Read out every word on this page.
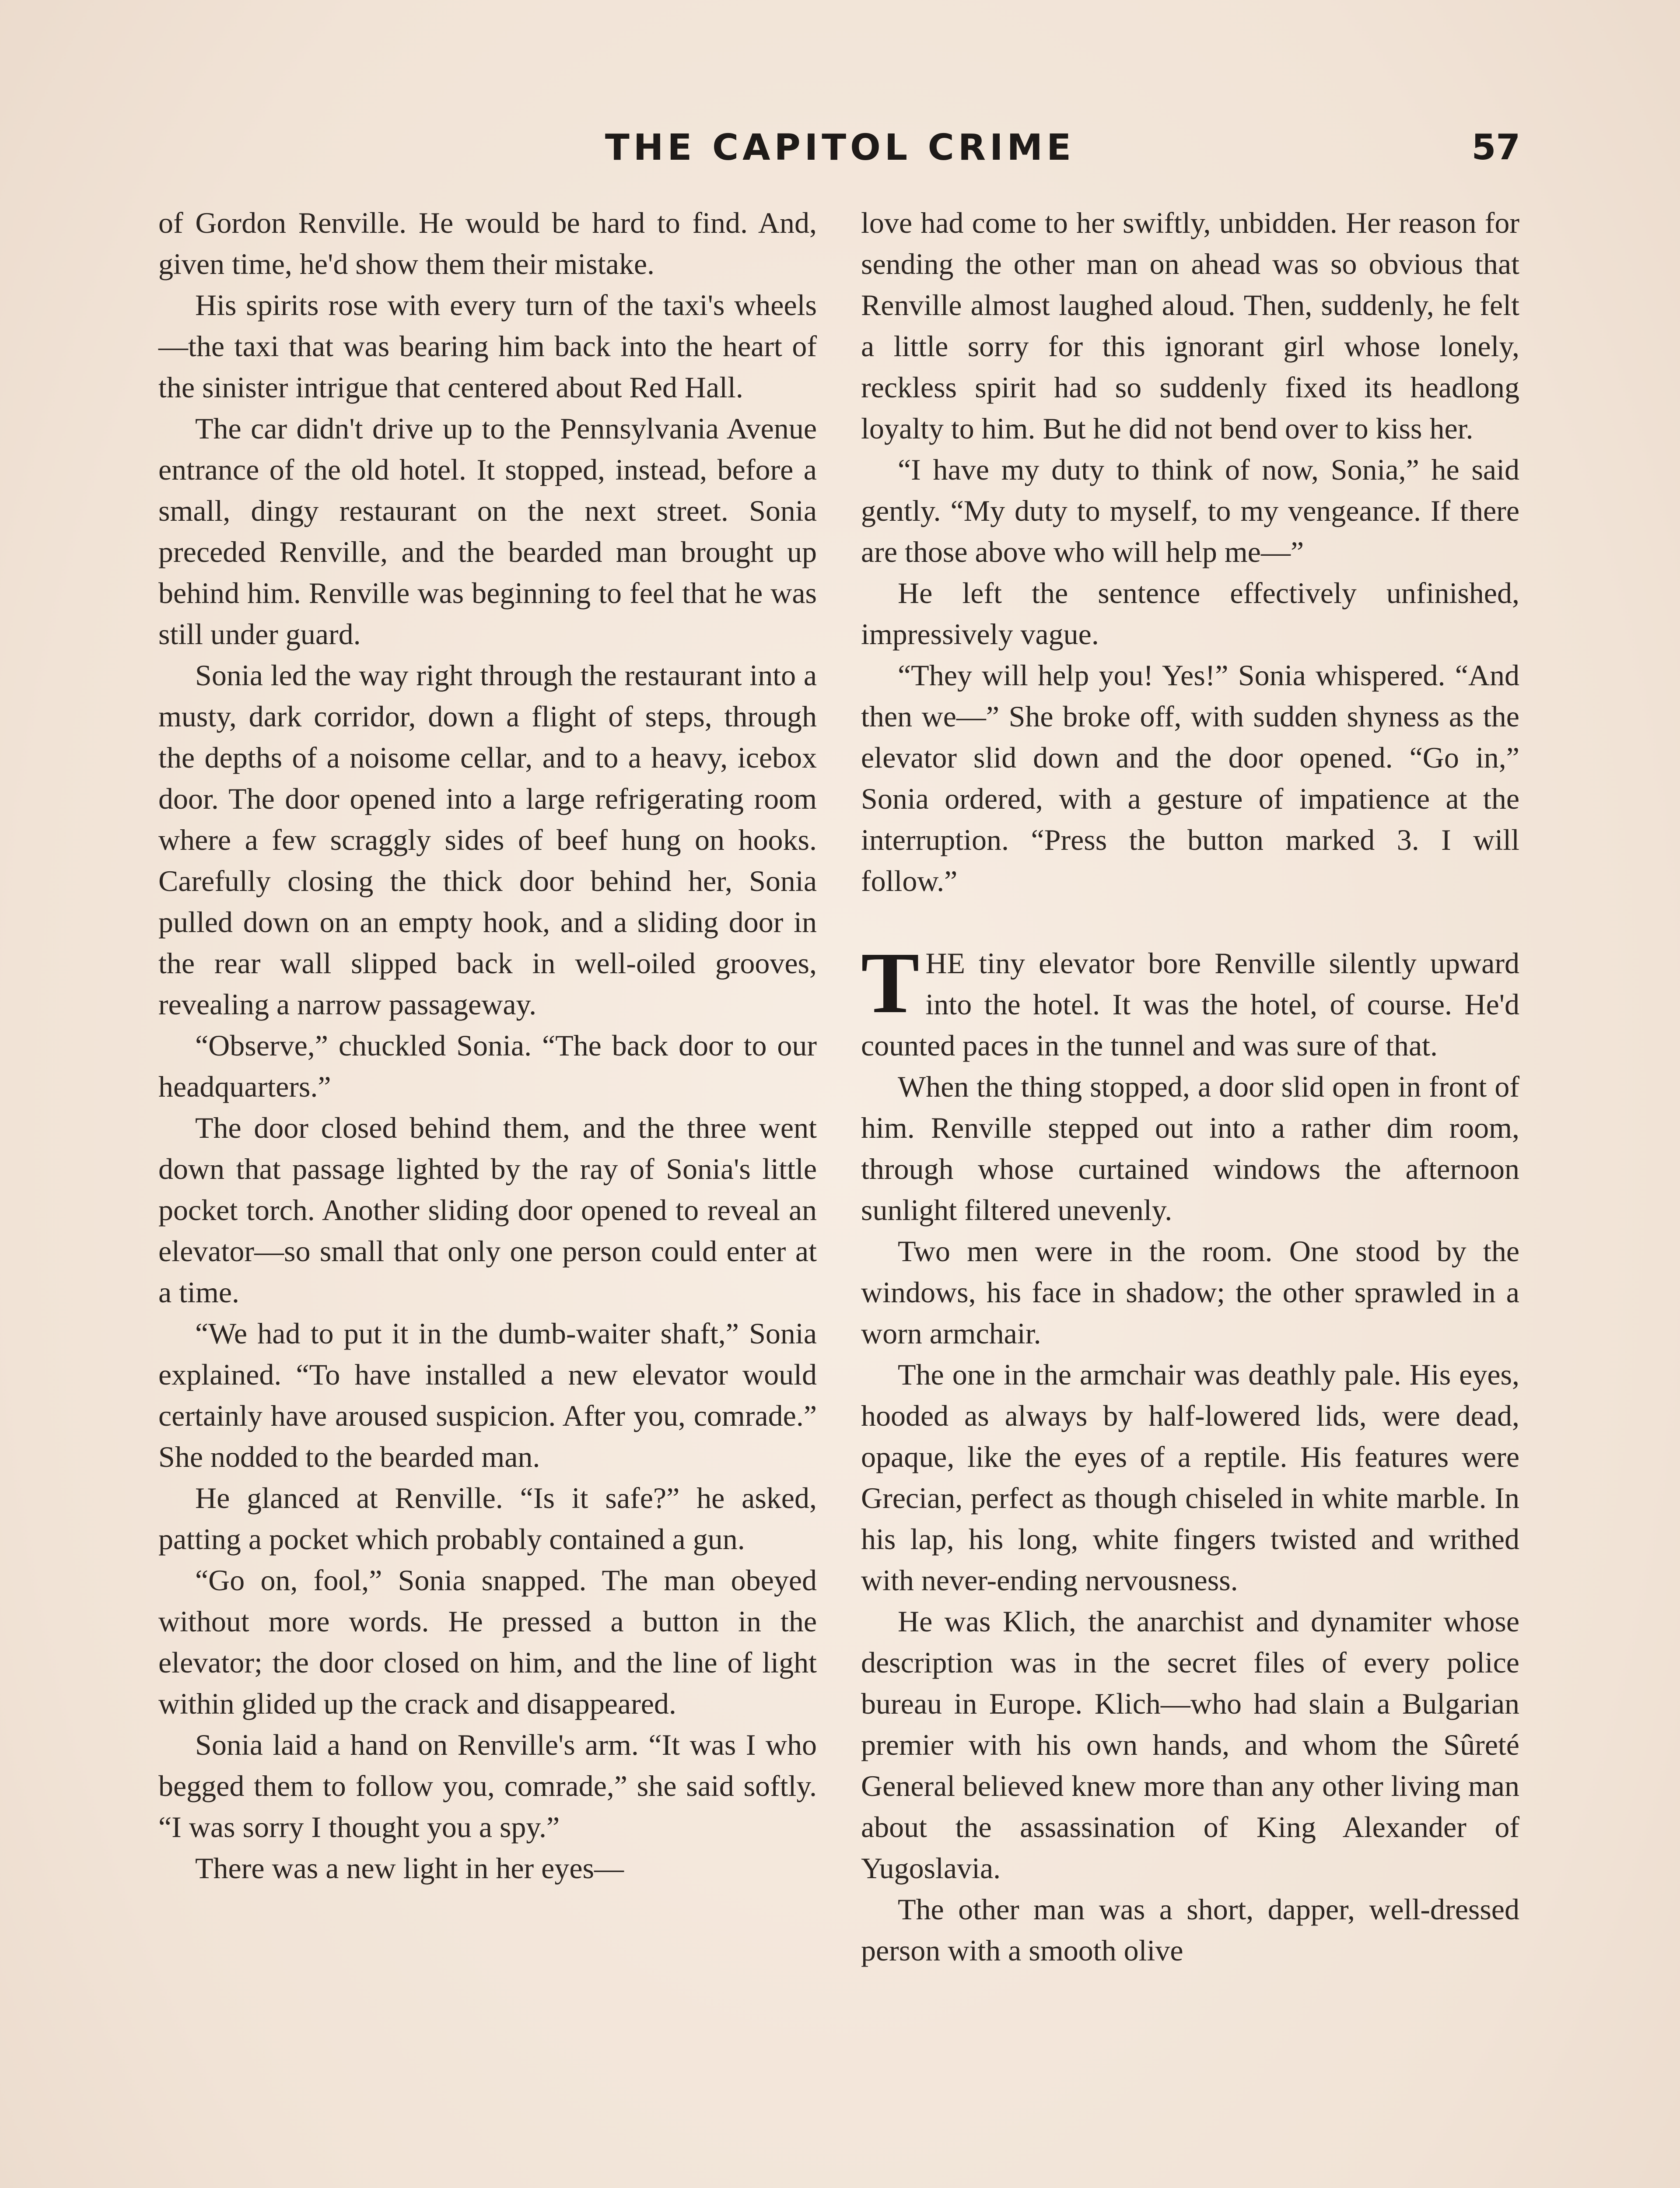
THE CAPITOL CRIME	57

of Gordon Renville. He would be hard to find. And, given time, he'd show them their mistake.

His spirits rose with every turn of the taxi's wheels—the taxi that was bearing him back into the heart of the sinister intrigue that centered about Red Hall.

The car didn't drive up to the Pennsylvania Avenue entrance of the old hotel. It stopped, instead, before a small, dingy restaurant on the next street. Sonia preceded Renville, and the bearded man brought up behind him. Renville was beginning to feel that he was still under guard.

Sonia led the way right through the restaurant into a musty, dark corridor, down a flight of steps, through the depths of a noisome cellar, and to a heavy, icebox door. The door opened into a large refrigerating room where a few scraggly sides of beef hung on hooks. Carefully closing the thick door behind her, Sonia pulled down on an empty hook, and a sliding door in the rear wall slipped back in well-oiled grooves, revealing a narrow passageway.

“Observe,” chuckled Sonia. “The back door to our headquarters.”

The door closed behind them, and the three went down that passage lighted by the ray of Sonia's little pocket torch. Another sliding door opened to reveal an elevator—so small that only one person could enter at a time.

“We had to put it in the dumb-waiter shaft,” Sonia explained. “To have installed a new elevator would certainly have aroused suspicion. After you, comrade.” She nodded to the bearded man.

He glanced at Renville. “Is it safe?” he asked, patting a pocket which probably contained a gun.

“Go on, fool,” Sonia snapped. The man obeyed without more words. He pressed a button in the elevator; the door closed on him, and the line of light within glided up the crack and disappeared.

Sonia laid a hand on Renville's arm. “It was I who begged them to follow you, comrade,” she said softly. “I was sorry I thought you a spy.”

There was a new light in her eyes—

love had come to her swiftly, unbidden. Her reason for sending the other man on ahead was so obvious that Renville almost laughed aloud. Then, suddenly, he felt a little sorry for this ignorant girl whose lonely, reckless spirit had so suddenly fixed its headlong loyalty to him. But he did not bend over to kiss her.

“I have my duty to think of now, Sonia,” he said gently. “My duty to myself, to my vengeance. If there are those above who will help me—”

He left the sentence effectively unfinished, impressively vague.

“They will help you! Yes!” Sonia whispered. “And then we—” She broke off, with sudden shyness as the elevator slid down and the door opened. “Go in,” Sonia ordered, with a gesture of impatience at the interruption. “Press the button marked 3. I will follow.”

THE tiny elevator bore Renville silently upward into the hotel. It was the hotel, of course. He'd counted paces in the tunnel and was sure of that.

When the thing stopped, a door slid open in front of him. Renville stepped out into a rather dim room, through whose curtained windows the afternoon sunlight filtered unevenly.

Two men were in the room. One stood by the windows, his face in shadow; the other sprawled in a worn armchair.

The one in the armchair was deathly pale. His eyes, hooded as always by half-lowered lids, were dead, opaque, like the eyes of a reptile. His features were Grecian, perfect as though chiseled in white marble. In his lap, his long, white fingers twisted and writhed with never-ending nervousness.

He was Klich, the anarchist and dynamiter whose description was in the secret files of every police bureau in Europe. Klich—who had slain a Bulgarian premier with his own hands, and whom the Sûreté General believed knew more than any other living man about the assassination of King Alexander of Yugoslavia.

The other man was a short, dapper, well-dressed person with a smooth olive
